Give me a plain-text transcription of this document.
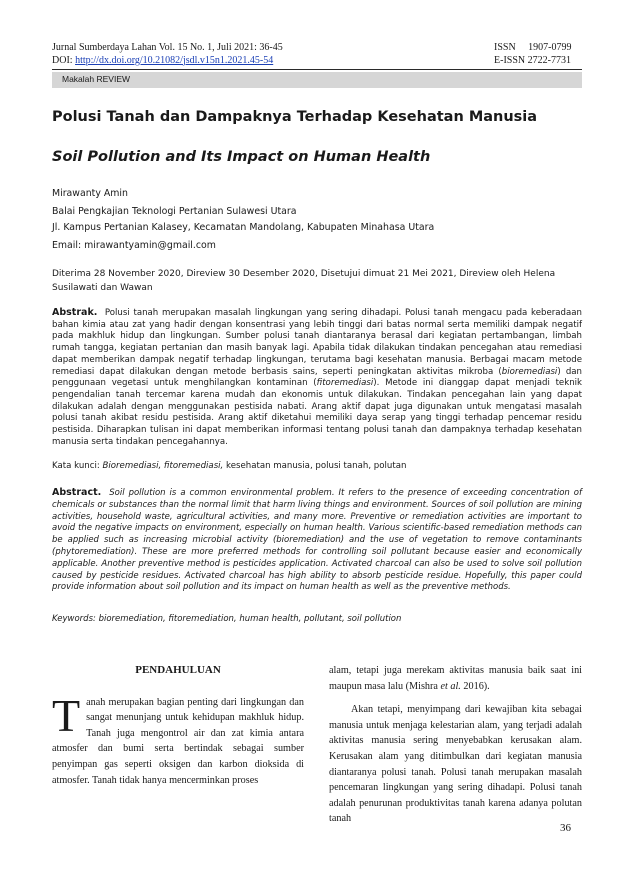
Jurnal Sumberdaya Lahan Vol. 15 No. 1, Juli 2021: 36-45
DOI: http://dx.doi.org/10.21082/jsdl.v15n1.2021.45-54
ISSN     1907-0799
E-ISSN 2722-7731
Makalah REVIEW
Polusi Tanah dan Dampaknya Terhadap Kesehatan Manusia
Soil Pollution and Its Impact on Human Health
Mirawanty Amin
Balai Pengkajian Teknologi Pertanian Sulawesi Utara
Jl. Kampus Pertanian Kalasey, Kecamatan Mandolang, Kabupaten Minahasa Utara
Email: mirawantyamin@gmail.com
Diterima 28 November 2020, Direview 30 Desember 2020, Disetujui dimuat 21 Mei 2021, Direview oleh Helena Susilawati dan Wawan
Abstrak. Polusi tanah merupakan masalah lingkungan yang sering dihadapi. Polusi tanah mengacu pada keberadaan bahan kimia atau zat yang hadir dengan konsentrasi yang lebih tinggi dari batas normal serta memiliki dampak negatif pada makhluk hidup dan lingkungan. Sumber polusi tanah diantaranya berasal dari kegiatan pertambangan, limbah rumah tangga, kegiatan pertanian dan masih banyak lagi. Apabila tidak dilakukan tindakan pencegahan atau remediasi dapat memberikan dampak negatif terhadap lingkungan, terutama bagi kesehatan manusia. Berbagai macam metode remediasi dapat dilakukan dengan metode berbasis sains, seperti peningkatan aktivitas mikroba (bioremediasi) dan penggunaan vegetasi untuk menghilangkan kontaminan (fitoremediasi). Metode ini dianggap dapat menjadi teknik pengendalian tanah tercemar karena mudah dan ekonomis untuk dilakukan. Tindakan pencegahan lain yang dapat dilakukan adalah dengan menggunakan pestisida nabati. Arang aktif dapat juga digunakan untuk mengatasi masalah polusi tanah akibat residu pestisida. Arang aktif diketahui memiliki daya serap yang tinggi terhadap pencemar residu pestisida. Diharapkan tulisan ini dapat memberikan informasi tentang polusi tanah dan dampaknya terhadap kesehatan manusia serta tindakan pencegahannya.
Kata kunci: Bioremediasi, fitoremediasi, kesehatan manusia, polusi tanah, polutan
Abstract. Soil pollution is a common environmental problem. It refers to the presence of exceeding concentration of chemicals or substances than the normal limit that harm living things and environment. Sources of soil pollution are mining activities, household waste, agricultural activities, and many more. Preventive or remediation activities are important to avoid the negative impacts on environment, especially on human health. Various scientific-based remediation methods can be applied such as increasing microbial activity (bioremediation) and the use of vegetation to remove contaminants (phytoremediation). These are more preferred methods for controlling soil pollutant because easier and economically applicable. Another preventive method is pesticides application. Activated charcoal can also be used to solve soil pollution caused by pesticide residues. Activated charcoal has high ability to absorb pesticide residue. Hopefully, this paper could provide information about soil pollution and its impact on human health as well as the preventive methods.
Keywords: bioremediation, fitoremediation, human health, pollutant, soil pollution
PENDAHULUAN

Tanah merupakan bagian penting dari lingkungan dan sangat menunjang untuk kehidupan makhluk hidup. Tanah juga mengontrol air dan zat kimia antara atmosfer dan bumi serta bertindak sebagai sumber penyimpan gas seperti oksigen dan karbon dioksida di atmosfer. Tanah tidak hanya mencerminkan proses

alam, tetapi juga merekam aktivitas manusia baik saat ini maupun masa lalu (Mishra et al. 2016).

Akan tetapi, menyimpang dari kewajiban kita sebagai manusia untuk menjaga kelestarian alam, yang terjadi adalah aktivitas manusia sering menyebabkan kerusakan alam. Kerusakan alam yang ditimbulkan dari kegiatan manusia diantaranya polusi tanah. Polusi tanah merupakan masalah pencemaran lingkungan yang sering dihadapi. Polusi tanah adalah penurunan produktivitas tanah karena adanya polutan tanah

36
